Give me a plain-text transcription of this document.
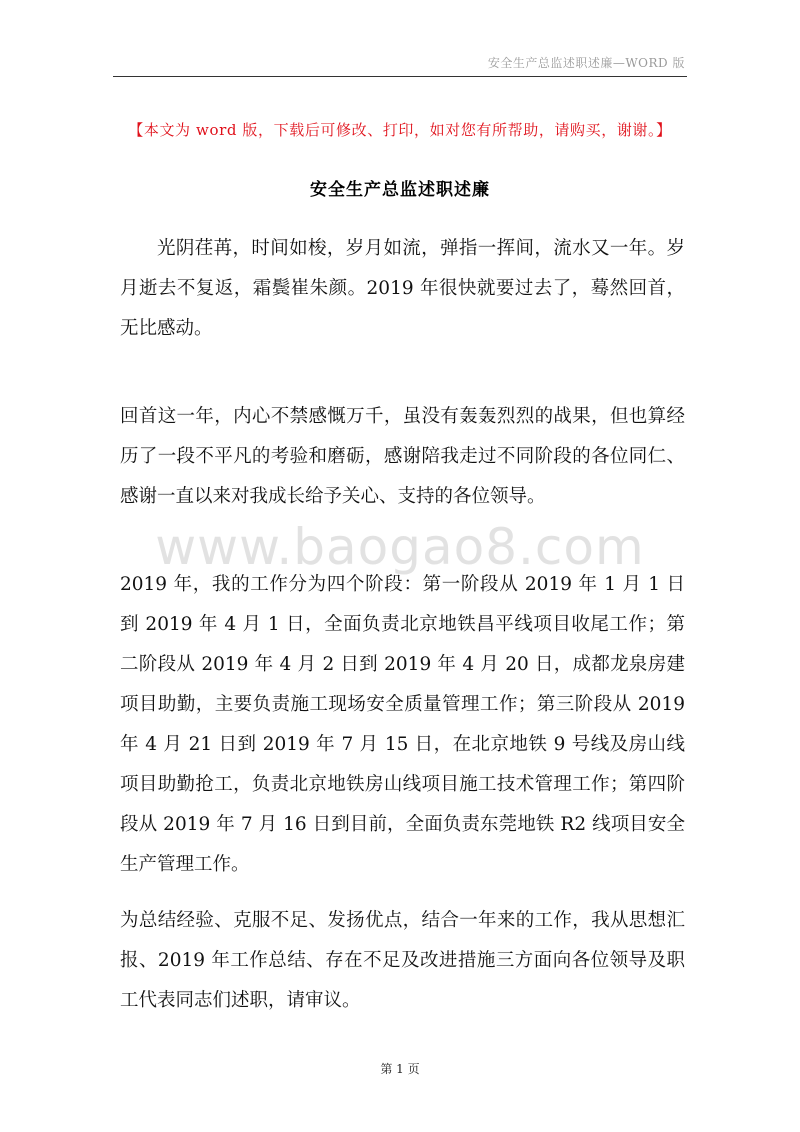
安全生产总监述职述廉—WORD 版
【本文为 word 版，下载后可修改、打印，如对您有所帮助，请购买，谢谢。】
安全生产总监述职述廉

光阴荏苒，时间如梭，岁月如流，弹指一挥间，流水又一年。岁月逝去不复返，霜鬓崔朱颜。2019 年很快就要过去了，蓦然回首，无比感动。

回首这一年，内心不禁感慨万千，虽没有轰轰烈烈的战果，但也算经历了一段不平凡的考验和磨砺，感谢陪我走过不同阶段的各位同仁、感谢一直以来对我成长给予关心、支持的各位领导。

www.baogao8.com

2019 年，我的工作分为四个阶段：第一阶段从 2019 年 1 月 1 日到 2019 年 4 月 1 日，全面负责北京地铁昌平线项目收尾工作；第二阶段从 2019 年 4 月 2 日到 2019 年 4 月 20 日，成都龙泉房建项目助勤，主要负责施工现场安全质量管理工作；第三阶段从 2019 年 4 月 21 日到 2019 年 7 月 15 日，在北京地铁 9 号线及房山线项目助勤抢工，负责北京地铁房山线项目施工技术管理工作；第四阶段从 2019 年 7 月 16 日到目前，全面负责东莞地铁 R2 线项目安全生产管理工作。

为总结经验、克服不足、发扬优点，结合一年来的工作，我从思想汇报、2019 年工作总结、存在不足及改进措施三方面向各位领导及职工代表同志们述职，请审议。

第 1 页
